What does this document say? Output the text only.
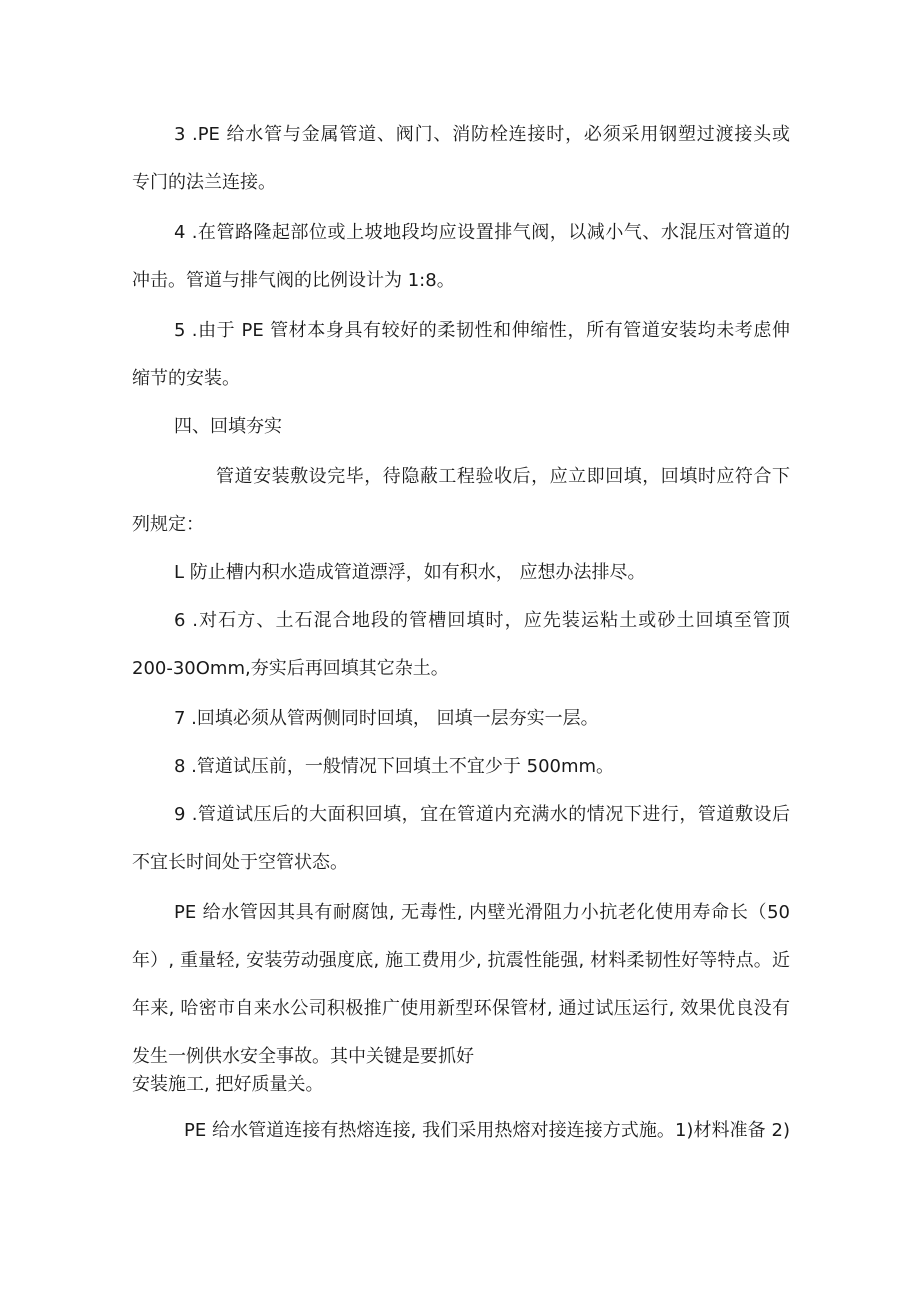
3 .PE 给水管与金属管道、阀门、消防栓连接时，必须采用钢塑过渡接头或
专门的法兰连接。
4 .在管路隆起部位或上坡地段均应设置排气阀，以减小气、水混压对管道的
冲击。管道与排气阀的比例设计为 1:8。
5 .由于 PE 管材本身具有较好的柔韧性和伸缩性，所有管道安装均未考虑伸
缩节的安装。
四、回填夯实
管道安装敷设完毕，待隐蔽工程验收后，应立即回填，回填时应符合下
列规定：
L 防止槽内积水造成管道漂浮，如有积水， 应想办法排尽。
6 .对石方、土石混合地段的管槽回填时，应先装运粘土或砂土回填至管顶
200-30Omm,夯实后再回填其它杂土。
7 .回填必须从管两侧同时回填， 回填一层夯实一层。
8 .管道试压前，一般情况下回填土不宜少于 500mm。
9 .管道试压后的大面积回填，宜在管道内充满水的情况下进行，管道敷设后
不宜长时间处于空管状态。
PE 给水管因其具有耐腐蚀, 无毒性, 内壁光滑阻力小抗老化使用寿命长（50
年）, 重量轻, 安装劳动强度底, 施工费用少, 抗震性能强, 材料柔韧性好等特点。近
年来, 哈密市自来水公司积极推广使用新型环保管材, 通过试压运行, 效果优良没有
发生一例供水安全事故。其中关键是要抓好
安装施工, 把好质量关。
PE 给水管道连接有热熔连接, 我们采用热熔对接连接方式施。1)材料准备 2)
